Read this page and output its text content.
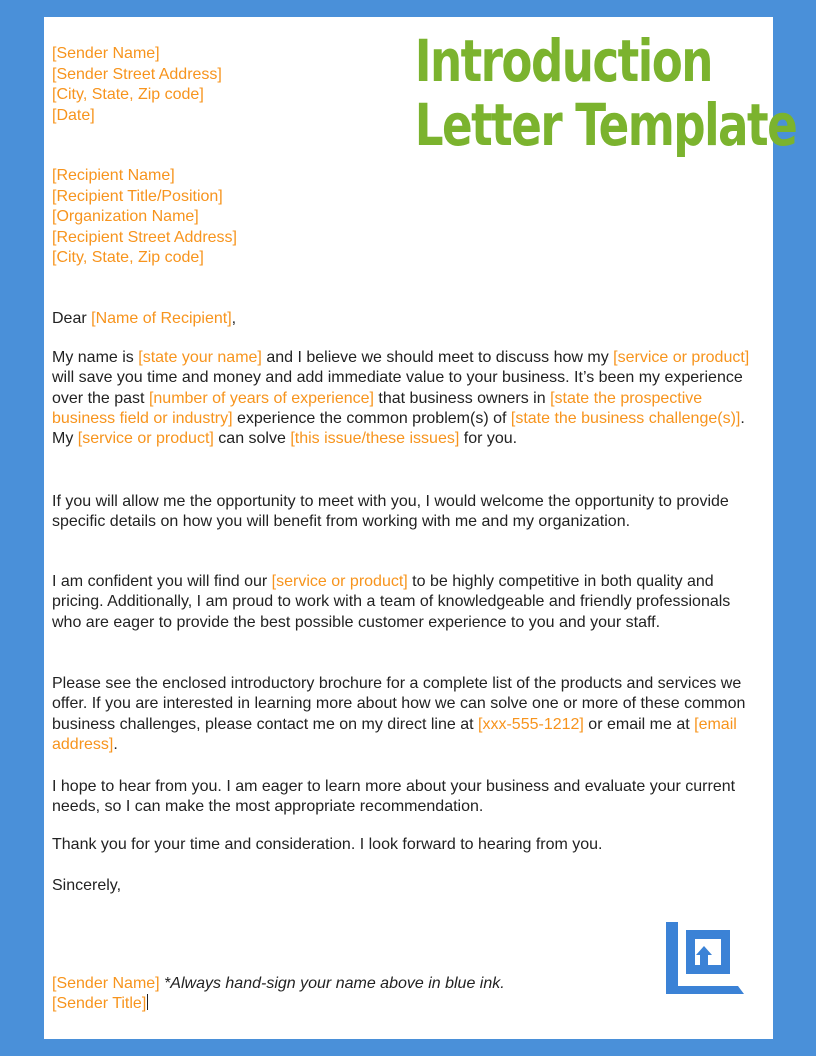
Introduction
Letter Template
[Sender Name]
[Sender Street Address]
[City, State, Zip code]
[Date]
[Recipient Name]
[Recipient Title/Position]
[Organization Name]
[Recipient Street Address]
[City, State, Zip code]
Dear [Name of Recipient],
My name is [state your name] and I believe we should meet to discuss how my [service or product] will save you time and money and add immediate value to your business. It’s been my experience over the past [number of years of experience] that business owners in [state the prospective business field or industry] experience the common problem(s) of [state the business challenge(s)]. My [service or product] can solve [this issue/these issues] for you.
If you will allow me the opportunity to meet with you, I would welcome the opportunity to provide specific details on how you will benefit from working with me and my organization.
I am confident you will find our [service or product] to be highly competitive in both quality and pricing. Additionally, I am proud to work with a team of knowledgeable and friendly professionals who are eager to provide the best possible customer experience to you and your staff.
Please see the enclosed introductory brochure for a complete list of the products and services we offer. If you are interested in learning more about how we can solve one or more of these common business challenges, please contact me on my direct line at [xxx-555-1212] or email me at [email address].
I hope to hear from you. I am eager to learn more about your business and evaluate your current needs, so I can make the most appropriate recommendation.
Thank you for your time and consideration. I look forward to hearing from you.
Sincerely,
[Sender Name] *Always hand-sign your name above in blue ink.
[Sender Title]
